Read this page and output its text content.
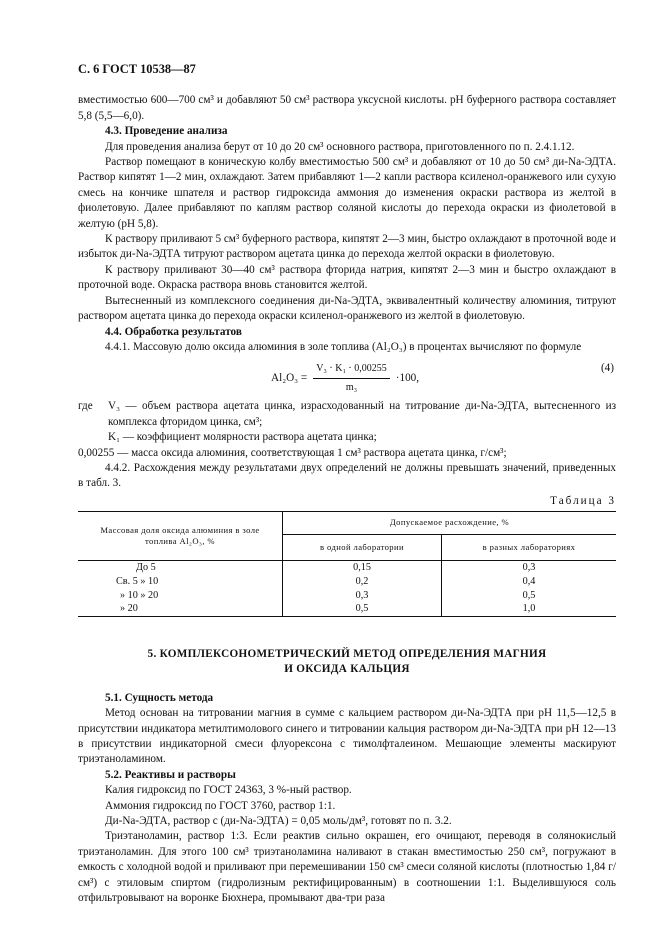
С. 6 ГОСТ 10538—87

вместимостью 600—700 см³ и добавляют 50 см³ раствора уксусной кислоты. pH буферного раствора составляет 5,8 (5,5—6,0).

4.3. Проведение анализа

Для проведения анализа берут от 10 до 20 см³ основного раствора, приготовленного по п. 2.4.1.12.

Раствор помещают в коническую колбу вместимостью 500 см³ и добавляют от 10 до 50 см³ ди-Na-ЭДТА. Раствор кипятят 1—2 мин, охлаждают. Затем прибавляют 1—2 капли раствора ксиленол-оранжевого или сухую смесь на кончике шпателя и раствор гидроксида аммония до изменения окраски раствора из желтой в фиолетовую. Далее прибавляют по каплям раствор соляной кислоты до перехода окраски из фиолетовой в желтую (pH 5,8).

К раствору приливают 5 см³ буферного раствора, кипятят 2—3 мин, быстро охлаждают в проточной воде и избыток ди-Na-ЭДТА титруют раствором ацетата цинка до перехода желтой окраски в фиолетовую.

К раствору приливают 30—40 см³ раствора фторида натрия, кипятят 2—3 мин и быстро охлаждают в проточной воде. Окраска раствора вновь становится желтой.

Вытесненный из комплексного соединения ди-Na-ЭДТА, эквивалентный количеству алюминия, титруют раствором ацетата цинка до перехода окраски ксиленол-оранжевого из желтой в фиолетовую.

4.4. Обработка результатов

4.4.1. Массовую долю оксида алюминия в золе топлива (Al₂O₃) в процентах вычисляют по формуле

$Al_2O_3 = \frac{\text{V₃ · K₁ · 0,00255}}{\text{m₃}} \cdot 100$,
(4)
где	V₃ — объем раствора ацетата цинка, израсходованный на титрование ди-Na-ЭДТА, вытесненного из комплекса фторидом цинка, см³;

K₁ — коэффициент молярности раствора ацетата цинка;

0,00255 — масса оксида алюминия, соответствующая 1 см³ раствора ацетата цинка, г/см³;

4.4.2. Расхождения между результатами двух определений не должны превышать значений, приведенных в табл. 3.

Таблица 3
Массовая доля оксида алюминия в золе топлива Al₂O₃, %	Допускаемое расхождение, %	
	в одной лаборатории	в разных лабораториях
До 5	0,15	0,3
Св. 5 » 10	0,2	0,4
» 10 » 20	0,3	0,5
» 20	0,5	1,0
5. КОМПЛЕКСОНОМЕТРИЧЕСКИЙ МЕТОД ОПРЕДЕЛЕНИЯ МАГНИЯ
И ОКСИДА КАЛЬЦИЯ

5.1. Сущность метода

Метод основан на титровании магния в сумме с кальцием раствором ди-Na-ЭДТА при pH 11,5—12,5 в присутствии индикатора метилтимолового синего и титровании кальция раствором ди-Na-ЭДТА при pH 12—13 в присутствии индикаторной смеси флуорексона с тимолфталеином. Мешающие элементы маскируют триэтаноламином.

5.2. Реактивы и растворы

Калия гидроксид по ГОСТ 24363, 3 %-ный раствор.

Аммония гидроксид по ГОСТ 3760, раствор 1:1.

Ди-Na-ЭДТА, раствор с (ди-Na-ЭДТА) = 0,05 моль/дм³, готовят по п. 3.2.

Триэтаноламин, раствор 1:3. Если реактив сильно окрашен, его очищают, переводя в солянокислый триэтаноламин. Для этого 100 см³ триэтаноламина наливают в стакан вместимостью 250 см³, погружают в емкость с холодной водой и приливают при перемешивании 150 см³ смеси соляной кислоты (плотностью 1,84 г/см³) с этиловым спиртом (гидролизным ректифицированным) в соотношении 1:1. Выделившуюся соль отфильтровывают на воронке Бюхнера, промывают два-три раза
